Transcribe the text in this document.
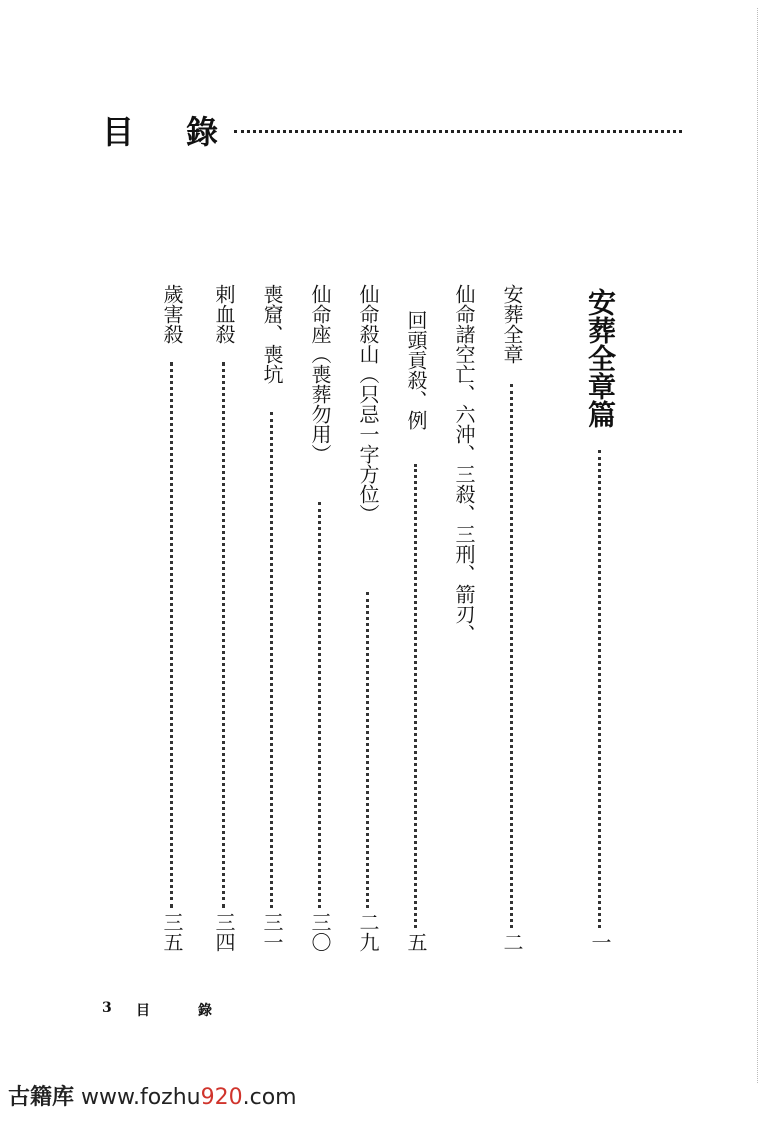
目 錄
安葬全章篇
一
安葬全章
二
仙命諸空亡、六沖、三殺、三刑、箭刃、
回頭貢殺、例
五
仙命殺山（只忌一字方位）
二九
仙命座（喪葬勿用）
三〇
喪窟、喪坑
三一
剌血殺
三四
歲害殺
三五
3 目	錄
古籍库 www.fozhu920.com
